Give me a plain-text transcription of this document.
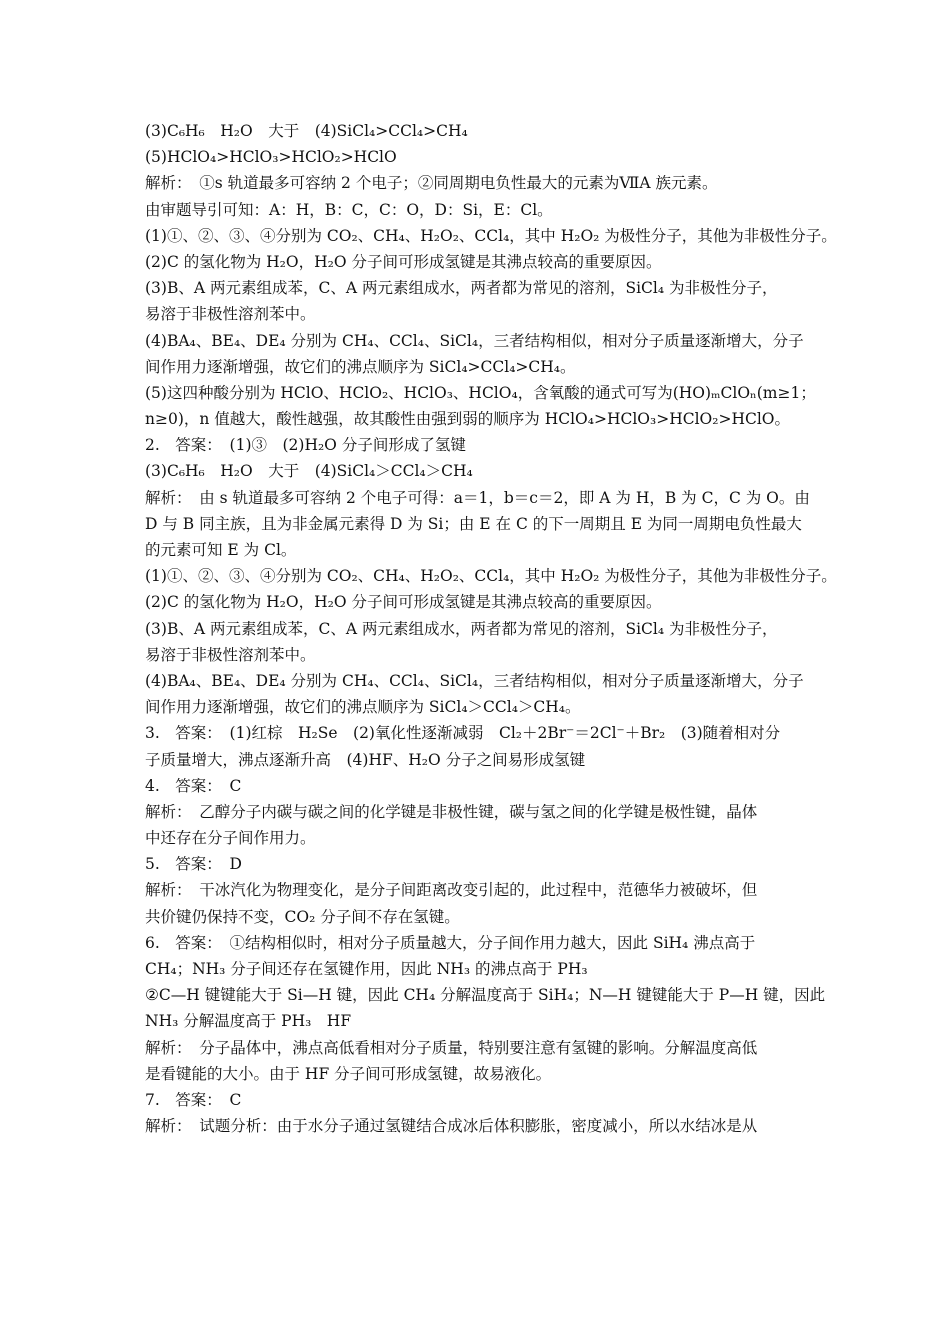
(3)C₆H₆　H₂O　大于　(4)SiCl₄>CCl₄>CH₄
(5)HClO₄>HClO₃>HClO₂>HClO
解析：　①s 轨道最多可容纳 2 个电子；②同周期电负性最大的元素为ⅦA 族元素。
由审题导引可知：A：H，B：C，C：O，D：Si，E：Cl。
(1)①、②、③、④分别为 CO₂、CH₄、H₂O₂、CCl₄，其中 H₂O₂ 为极性分子，其他为非极性分子。
(2)C 的氢化物为 H₂O，H₂O 分子间可形成氢键是其沸点较高的重要原因。
(3)B、A 两元素组成苯，C、A 两元素组成水，两者都为常见的溶剂，SiCl₄ 为非极性分子，
易溶于非极性溶剂苯中。
(4)BA₄、BE₄、DE₄ 分别为 CH₄、CCl₄、SiCl₄，三者结构相似，相对分子质量逐渐增大，分子
间作用力逐渐增强，故它们的沸点顺序为 SiCl₄>CCl₄>CH₄。
(5)这四种酸分别为 HClO、HClO₂、HClO₃、HClO₄，含氧酸的通式可写为(HO)ₘClOₙ(m≥1；
n≥0)，n 值越大，酸性越强，故其酸性由强到弱的顺序为 HClO₄>HClO₃>HClO₂>HClO。
2.　答案：　(1)③　(2)H₂O 分子间形成了氢键
(3)C₆H₆　H₂O　大于　(4)SiCl₄＞CCl₄＞CH₄
解析：　由 s 轨道最多可容纳 2 个电子可得：a＝1，b＝c＝2，即 A 为 H，B 为 C，C 为 O。由
D 与 B 同主族，且为非金属元素得 D 为 Si；由 E 在 C 的下一周期且 E 为同一周期电负性最大
的元素可知 E 为 Cl。
(1)①、②、③、④分别为 CO₂、CH₄、H₂O₂、CCl₄，其中 H₂O₂ 为极性分子，其他为非极性分子。
(2)C 的氢化物为 H₂O，H₂O 分子间可形成氢键是其沸点较高的重要原因。
(3)B、A 两元素组成苯，C、A 两元素组成水，两者都为常见的溶剂，SiCl₄ 为非极性分子，
易溶于非极性溶剂苯中。
(4)BA₄、BE₄、DE₄ 分别为 CH₄、CCl₄、SiCl₄，三者结构相似，相对分子质量逐渐增大，分子
间作用力逐渐增强，故它们的沸点顺序为 SiCl₄＞CCl₄＞CH₄。
3.　答案：　(1)红棕　H₂Se　(2)氧化性逐渐减弱　Cl₂＋2Br⁻＝2Cl⁻＋Br₂　(3)随着相对分
子质量增大，沸点逐渐升高　(4)HF、H₂O 分子之间易形成氢键
4.　答案：　C
解析：　乙醇分子内碳与碳之间的化学键是非极性键，碳与氢之间的化学键是极性键，晶体
中还存在分子间作用力。
5.　答案：　D
解析：　干冰汽化为物理变化，是分子间距离改变引起的，此过程中，范德华力被破坏，但
共价键仍保持不变，CO₂ 分子间不存在氢键。
6.　答案：　①结构相似时，相对分子质量越大，分子间作用力越大，因此 SiH₄ 沸点高于
CH₄；NH₃ 分子间还存在氢键作用，因此 NH₃ 的沸点高于 PH₃
②C—H 键键能大于 Si—H 键，因此 CH₄ 分解温度高于 SiH₄；N—H 键键能大于 P—H 键，因此
NH₃ 分解温度高于 PH₃　HF
解析：　分子晶体中，沸点高低看相对分子质量，特别要注意有氢键的影响。分解温度高低
是看键能的大小。由于 HF 分子间可形成氢键，故易液化。
7.　答案：　C
解析：　试题分析：由于水分子通过氢键结合成冰后体积膨胀，密度减小，所以水结冰是从
